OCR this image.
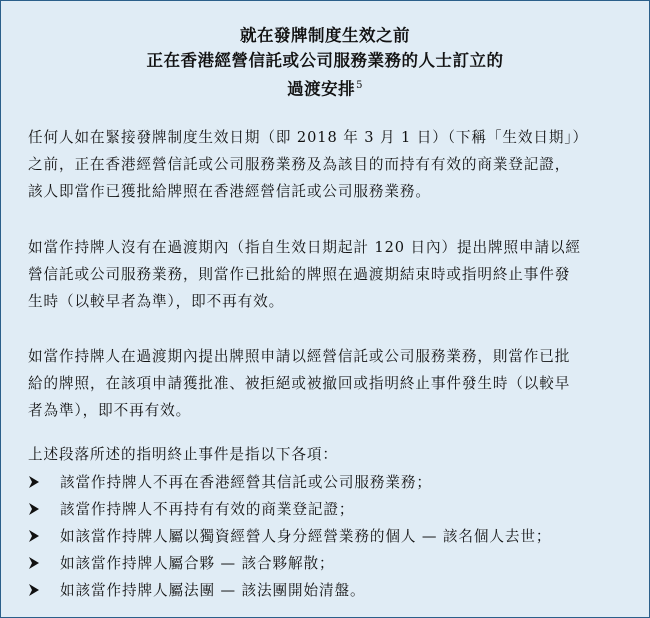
就在發牌制度生效之前
正在香港經營信託或公司服務業務的人士訂立的
過渡安排$^5$
任何人如在緊接發牌制度生效日期（即 2018 年 3 月 1 日）（下稱「生效日期」）
之前，正在香港經營信託或公司服務業務及為該目的而持有有效的商業登記證，
該人即當作已獲批給牌照在香港經營信託或公司服務業務。
如當作持牌人沒有在過渡期內（指自生效日期起計 120 日內）提出牌照申請以經
營信託或公司服務業務，則當作已批給的牌照在過渡期結束時或指明終止事件發
生時（以較早者為準），即不再有效。
如當作持牌人在過渡期內提出牌照申請以經營信託或公司服務業務，則當作已批
給的牌照，在該項申請獲批准、被拒絕或被撤回或指明終止事件發生時（以較早
者為準），即不再有效。
上述段落所述的指明終止事件是指以下各項：
該當作持牌人不再在香港經營其信託或公司服務業務；
該當作持牌人不再持有有效的商業登記證；
如該當作持牌人屬以獨資經營人身分經營業務的個人 — 該名個人去世；
如該當作持牌人屬合夥 — 該合夥解散；
如該當作持牌人屬法團 — 該法團開始清盤。
